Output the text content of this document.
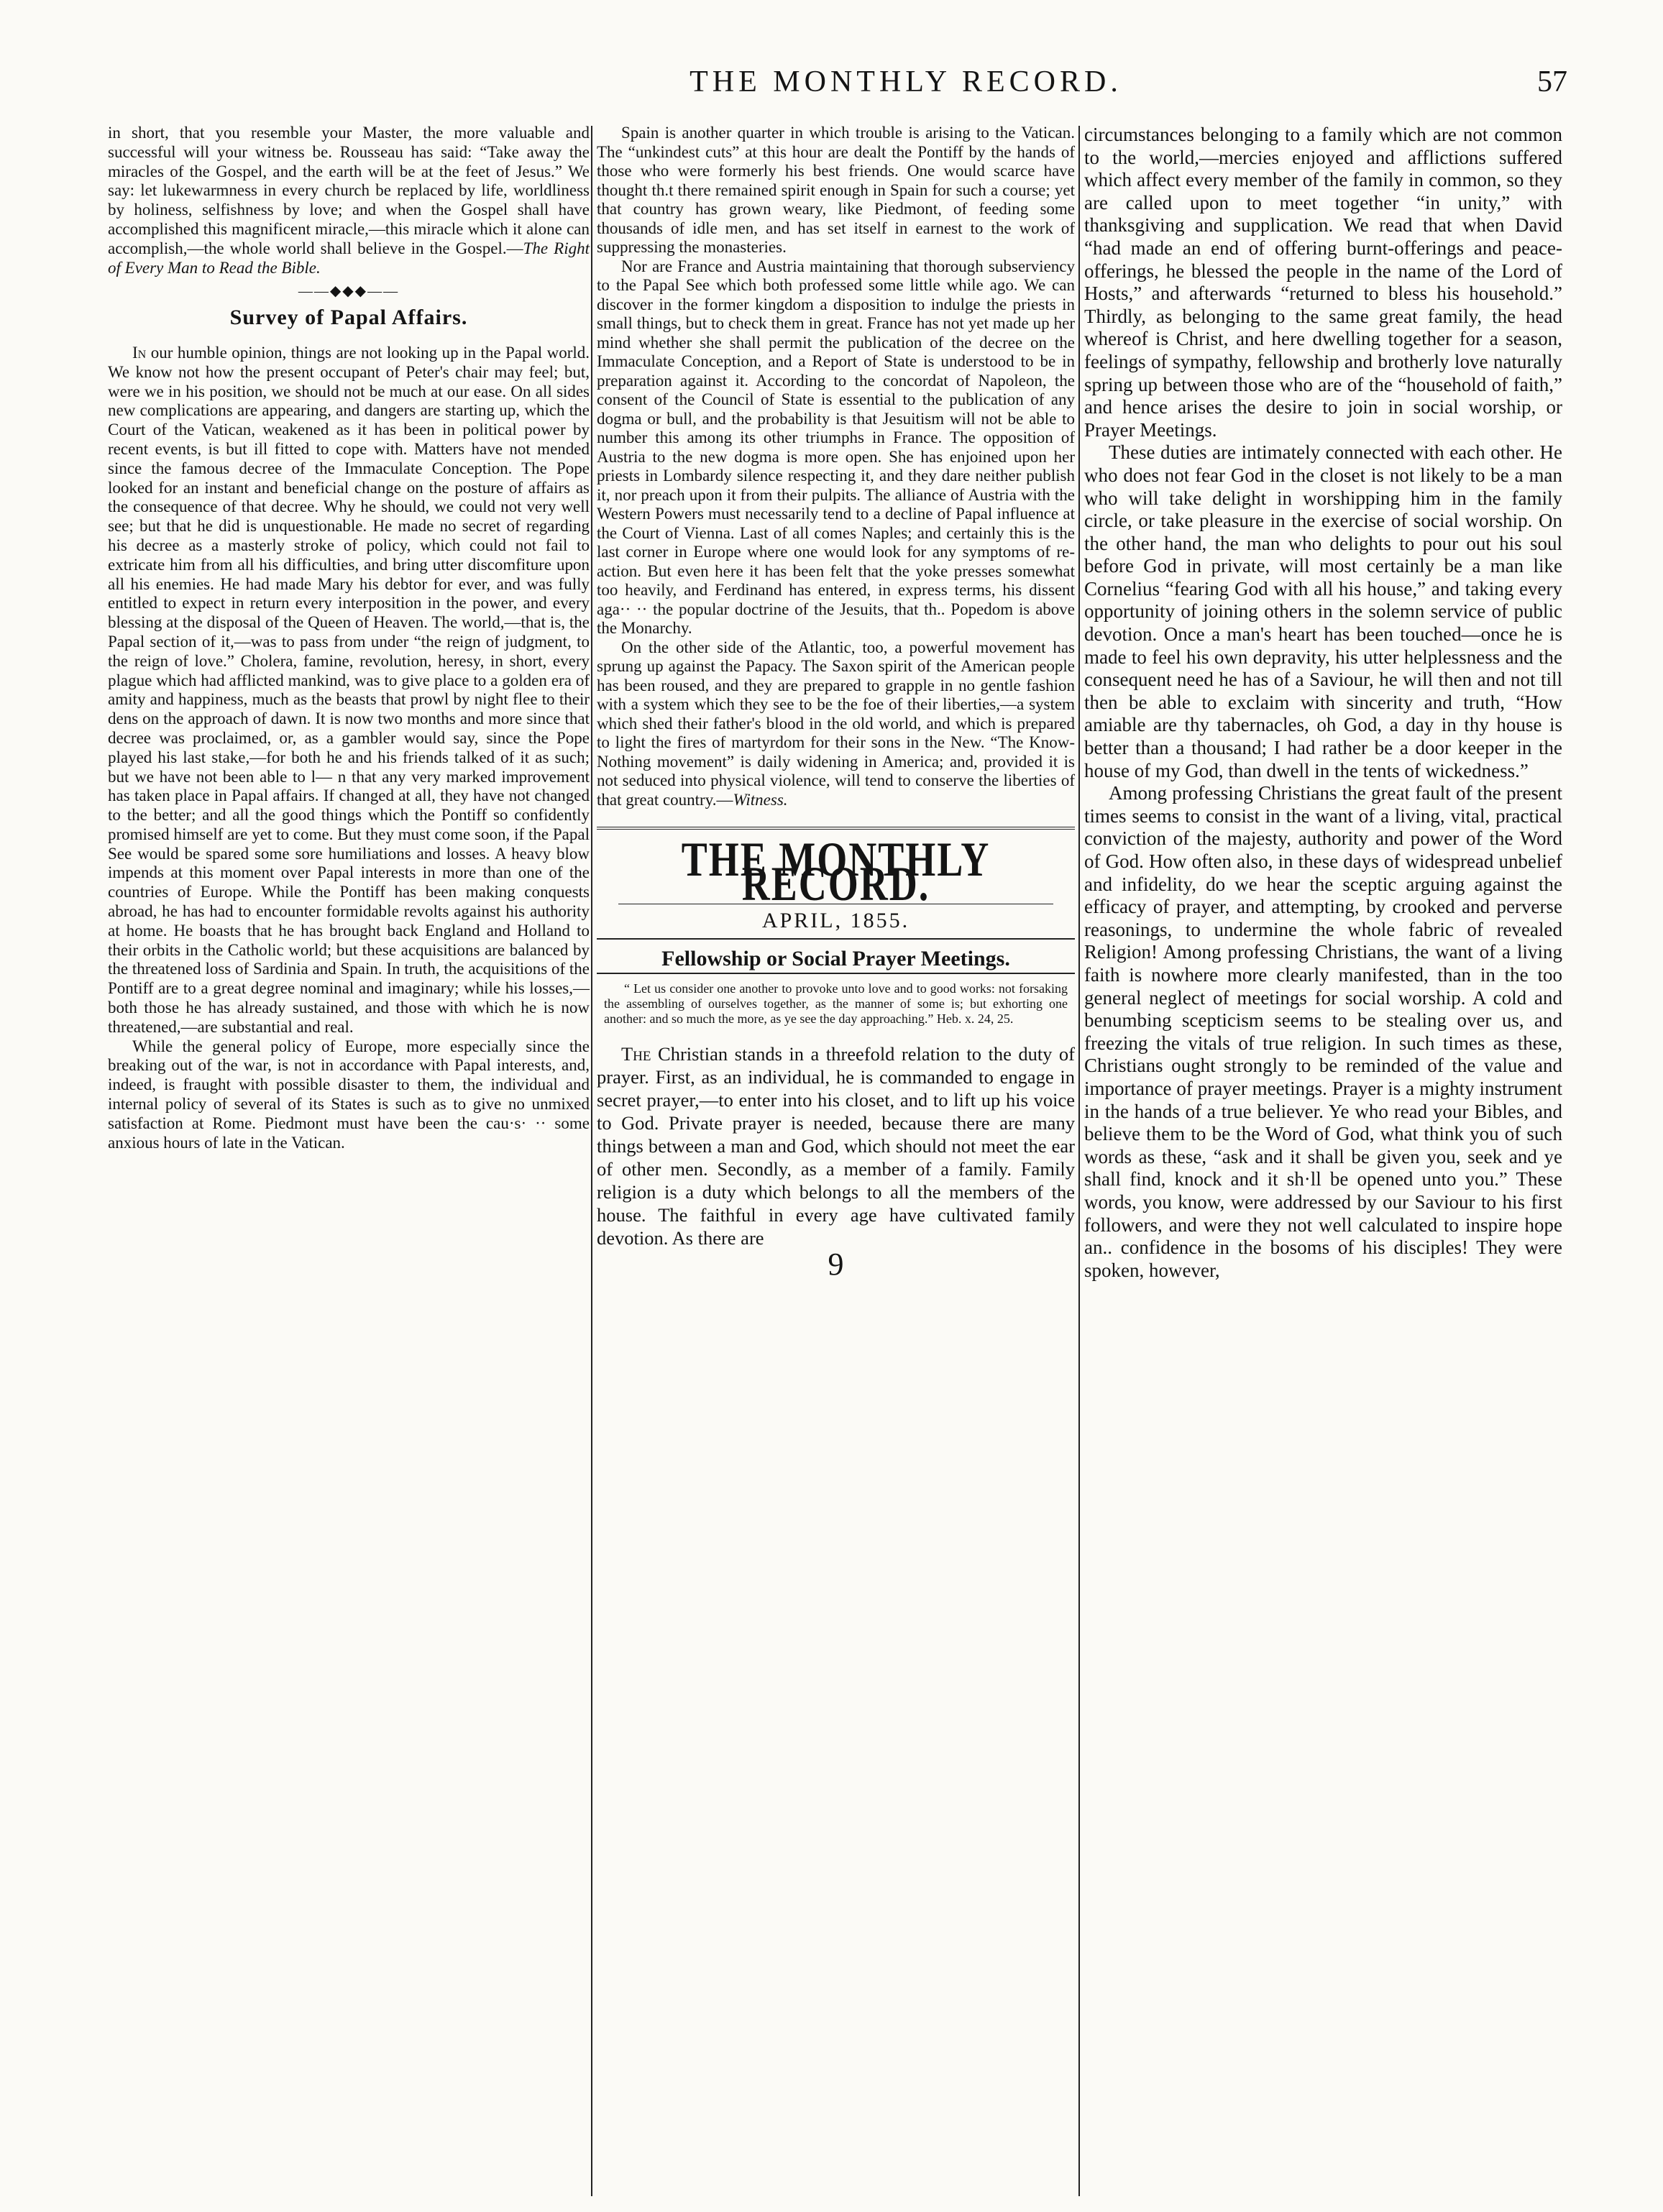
THE MONTHLY RECORD.	57

in short, that you resemble your Master, the more valuable and successful will your witness be. Rousseau has said: “Take away the miracles of the Gospel, and the earth will be at the feet of Jesus.” We say: let lukewarmness in every church be replaced by life, worldliness by holiness, selfishness by love; and when the Gospel shall have accomplished this magnificent miracle,—this miracle which it alone can accomplish,—the whole world shall believe in the Gospel.—The Right of Every Man to Read the Bible.

——◆◆◆——
Survey of Papal Affairs.

In our humble opinion, things are not looking up in the Papal world. We know not how the present occupant of Peter's chair may feel; but, were we in his position, we should not be much at our ease. On all sides new complications are appearing, and dangers are starting up, which the Court of the Vatican, weakened as it has been in political power by recent events, is but ill fitted to cope with. Matters have not mended since the famous decree of the Immaculate Conception. The Pope looked for an instant and beneficial change on the posture of affairs as the consequence of that decree. Why he should, we could not very well see; but that he did is unquestionable. He made no secret of regarding his decree as a masterly stroke of policy, which could not fail to extricate him from all his difficulties, and bring utter discomfiture upon all his enemies. He had made Mary his debtor for ever, and was fully entitled to expect in return every interposition in the power, and every blessing at the disposal of the Queen of Heaven. The world,—that is, the Papal section of it,—was to pass from under “the reign of judgment, to the reign of love.” Cholera, famine, revolution, heresy, in short, every plague which had afflicted mankind, was to give place to a golden era of amity and happiness, much as the beasts that prowl by night flee to their dens on the approach of dawn. It is now two months and more since that decree was proclaimed, or, as a gambler would say, since the Pope played his last stake,—for both he and his friends talked of it as such; but we have not been able to l— n that any very marked improvement has taken place in Papal affairs. If changed at all, they have not changed to the better; and all the good things which the Pontiff so confidently promised himself are yet to come. But they must come soon, if the Papal See would be spared some sore humiliations and losses. A heavy blow impends at this moment over Papal interests in more than one of the countries of Europe. While the Pontiff has been making conquests abroad, he has had to encounter formidable revolts against his authority at home. He boasts that he has brought back England and Holland to their orbits in the Catholic world; but these acquisitions are balanced by the threatened loss of Sardinia and Spain. In truth, the acquisitions of the Pontiff are to a great degree nominal and imaginary; while his losses,—both those he has already sustained, and those with which he is now threatened,—are substantial and real.

While the general policy of Europe, more especially since the breaking out of the war, is not in accordance with Papal interests, and, indeed, is fraught with possible disaster to them, the individual and internal policy of several of its States is such as to give no unmixed satisfaction at Rome. Piedmont must have been the cau·s· ·· some anxious hours of late in the Vatican.

Spain is another quarter in which trouble is arising to the Vatican. The “unkindest cuts” at this hour are dealt the Pontiff by the hands of those who were formerly his best friends. One would scarce have thought th.t there remained spirit enough in Spain for such a course; yet that country has grown weary, like Piedmont, of feeding some thousands of idle men, and has set itself in earnest to the work of suppressing the monasteries.

Nor are France and Austria maintaining that thorough subserviency to the Papal See which both professed some little while ago. We can discover in the former kingdom a disposition to indulge the priests in small things, but to check them in great. France has not yet made up her mind whether she shall permit the publication of the decree on the Immaculate Conception, and a Report of State is understood to be in preparation against it. According to the concordat of Napoleon, the consent of the Council of State is essential to the publication of any dogma or bull, and the probability is that Jesuitism will not be able to number this among its other triumphs in France. The opposition of Austria to the new dogma is more open. She has enjoined upon her priests in Lombardy silence respecting it, and they dare neither publish it, nor preach upon it from their pulpits. The alliance of Austria with the Western Powers must necessarily tend to a decline of Papal influence at the Court of Vienna. Last of all comes Naples; and certainly this is the last corner in Europe where one would look for any symptoms of re-action. But even here it has been felt that the yoke presses somewhat too heavily, and Ferdinand has entered, in express terms, his dissent aga·· ·· the popular doctrine of the Jesuits, that th.. Popedom is above the Monarchy.

On the other side of the Atlantic, too, a powerful movement has sprung up against the Papacy. The Saxon spirit of the American people has been roused, and they are prepared to grapple in no gentle fashion with a system which they see to be the foe of their liberties,—a system which shed their father's blood in the old world, and which is prepared to light the fires of martyrdom for their sons in the New. “The Know-Nothing movement” is daily widening in America; and, provided it is not seduced into physical violence, will tend to conserve the liberties of that great country.—Witness.

THE MONTHLY RECORD.
APRIL, 1855.
Fellowship or Social Prayer Meetings.
“ Let us consider one another to provoke unto love and to good works: not forsaking the assembling of ourselves together, as the manner of some is; but exhorting one another: and so much the more, as ye see the day approaching.” Heb. x. 24, 25.

The Christian stands in a threefold relation to the duty of prayer. First, as an individual, he is commanded to engage in secret prayer,—to enter into his closet, and to lift up his voice to God. Private prayer is needed, because there are many things between a man and God, which should not meet the ear of other men. Secondly, as a member of a family. Family religion is a duty which belongs to all the members of the house. The faithful in every age have cultivated family devotion. As there are

9

circumstances belonging to a family which are not common to the world,—mercies enjoyed and afflictions suffered which affect every member of the family in common, so they are called upon to meet together “in unity,” with thanksgiving and supplication. We read that when David “had made an end of offering burnt-offerings and peace-offerings, he blessed the people in the name of the Lord of Hosts,” and afterwards “returned to bless his household.” Thirdly, as belonging to the same great family, the head whereof is Christ, and here dwelling together for a season, feelings of sympathy, fellowship and brotherly love naturally spring up between those who are of the “household of faith,” and hence arises the desire to join in social worship, or Prayer Meetings.

These duties are intimately connected with each other. He who does not fear God in the closet is not likely to be a man who will take delight in worshipping him in the family circle, or take pleasure in the exercise of social worship. On the other hand, the man who delights to pour out his soul before God in private, will most certainly be a man like Cornelius “fearing God with all his house,” and taking every opportunity of joining others in the solemn service of public devotion. Once a man's heart has been touched—once he is made to feel his own depravity, his utter helplessness and the consequent need he has of a Saviour, he will then and not till then be able to exclaim with sincerity and truth, “How amiable are thy tabernacles, oh God, a day in thy house is better than a thousand; I had rather be a door keeper in the house of my God, than dwell in the tents of wickedness.”

Among professing Christians the great fault of the present times seems to consist in the want of a living, vital, practical conviction of the majesty, authority and power of the Word of God. How often also, in these days of widespread unbelief and infidelity, do we hear the sceptic arguing against the efficacy of prayer, and attempting, by crooked and perverse reasonings, to undermine the whole fabric of revealed Religion! Among professing Christians, the want of a living faith is nowhere more clearly manifested, than in the too general neglect of meetings for social worship. A cold and benumbing scepticism seems to be stealing over us, and freezing the vitals of true religion. In such times as these, Christians ought strongly to be reminded of the value and importance of prayer meetings. Prayer is a mighty instrument in the hands of a true believer. Ye who read your Bibles, and believe them to be the Word of God, what think you of such words as these, “ask and it shall be given you, seek and ye shall find, knock and it sh·ll be opened unto you.” These words, you know, were addressed by our Saviour to his first followers, and were they not well calculated to inspire hope an.. confidence in the bosoms of his disciples! They were spoken, however,
